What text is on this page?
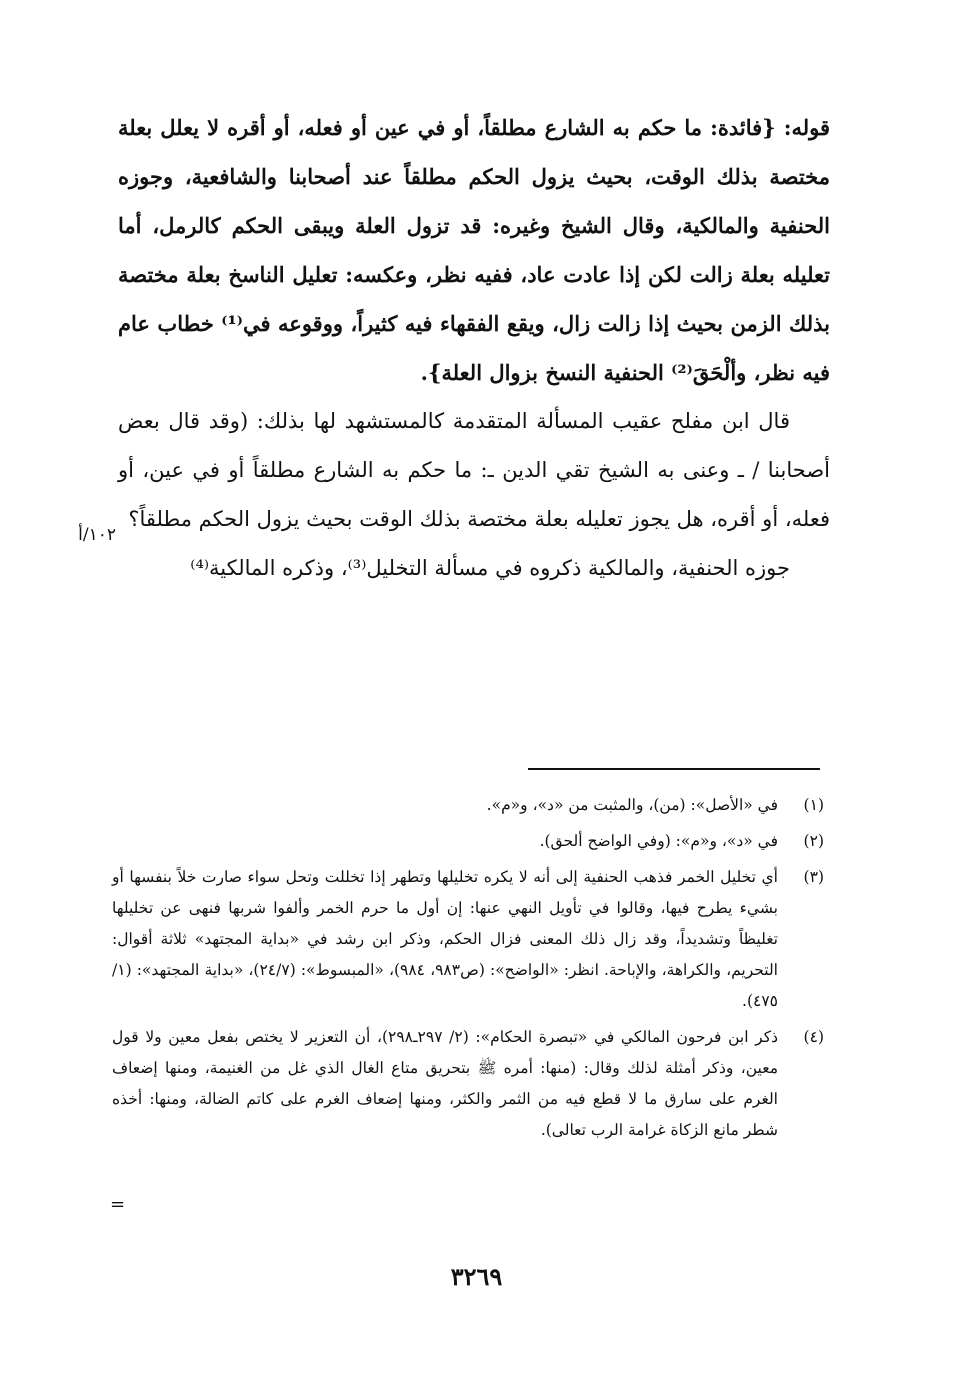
قوله: {فائدة: ما حكم به الشارع مطلقاً، أو في عين أو فعله، أو أقره لا يعلل بعلة مختصة بذلك الوقت، بحيث يزول الحكم مطلقاً عند أصحابنا والشافعية، وجوزه الحنفية والمالكية، وقال الشيخ وغيره: قد تزول العلة ويبقى الحكم كالرمل، أما تعليله بعلة زالت لكن إذا عادت عاد، ففيه نظر، وعكسه: تعليل الناسخ بعلة مختصة بذلك الزمن بحيث إذا زالت زال، ويقع الفقهاء فيه كثيراً، ووقوعه في⁽¹⁾ خطاب عام فيه نظر، وألْحَقَ⁽²⁾ الحنفية النسخ بزوال العلة}.

قال ابن مفلح عقيب المسألة المتقدمة كالمستشهد لها بذلك: (وقد قال بعض أصحابنا / ـ وعنى به الشيخ تقي الدين ـ: ما حكم به الشارع مطلقاً أو في عين، أو فعله، أو أقره، هل يجوز تعليله بعلة مختصة بذلك الوقت بحيث يزول الحكم مطلقاً؟

جوزه الحنفية، والمالكية ذكروه في مسألة التخليل⁽³⁾، وذكره المالكية⁽⁴⁾

١٠٢/أ
(١)
في «الأصل»: (من)، والمثبت من «د»، و«م».
(٢)
في «د»، و«م»: (وفي الواضح ألحق).
(٣)
أي تخليل الخمر فذهب الحنفية إلى أنه لا يكره تخليلها وتطهر إذا تخللت وتحل سواء صارت خلاً بنفسها أو بشيء يطرح فيها، وقالوا في تأويل النهي عنها: إن أول ما حرم الخمر وألفوا شربها فنهى عن تخليلها تغليظاً وتشديداً، وقد زال ذلك المعنى فزال الحكم، وذكر ابن رشد في «بداية المجتهد» ثلاثة أقوال: التحريم، والكراهة، والإباحة. انظر: «الواضح»: (ص٩٨٣، ٩٨٤)، «المبسوط»: (٢٤/٧)، «بداية المجتهد»: (١/ ٤٧٥).
(٤)
ذكر ابن فرحون المالكي في «تبصرة الحكام»: (٢/ ٢٩٧ـ٢٩٨)، أن التعزير لا يختص بفعل معين ولا قول معين، وذكر أمثلة لذلك وقال: (منها: أمره ﷺ بتحريق متاع الغال الذي غل من الغنيمة، ومنها إضعاف الغرم على سارق ما لا قطع فيه من الثمر والكثر، ومنها إضعاف الغرم على كاتم الضالة، ومنها: أخذه شطر مانع الزكاة غرامة الرب تعالى).
=
٣٢٦٩
